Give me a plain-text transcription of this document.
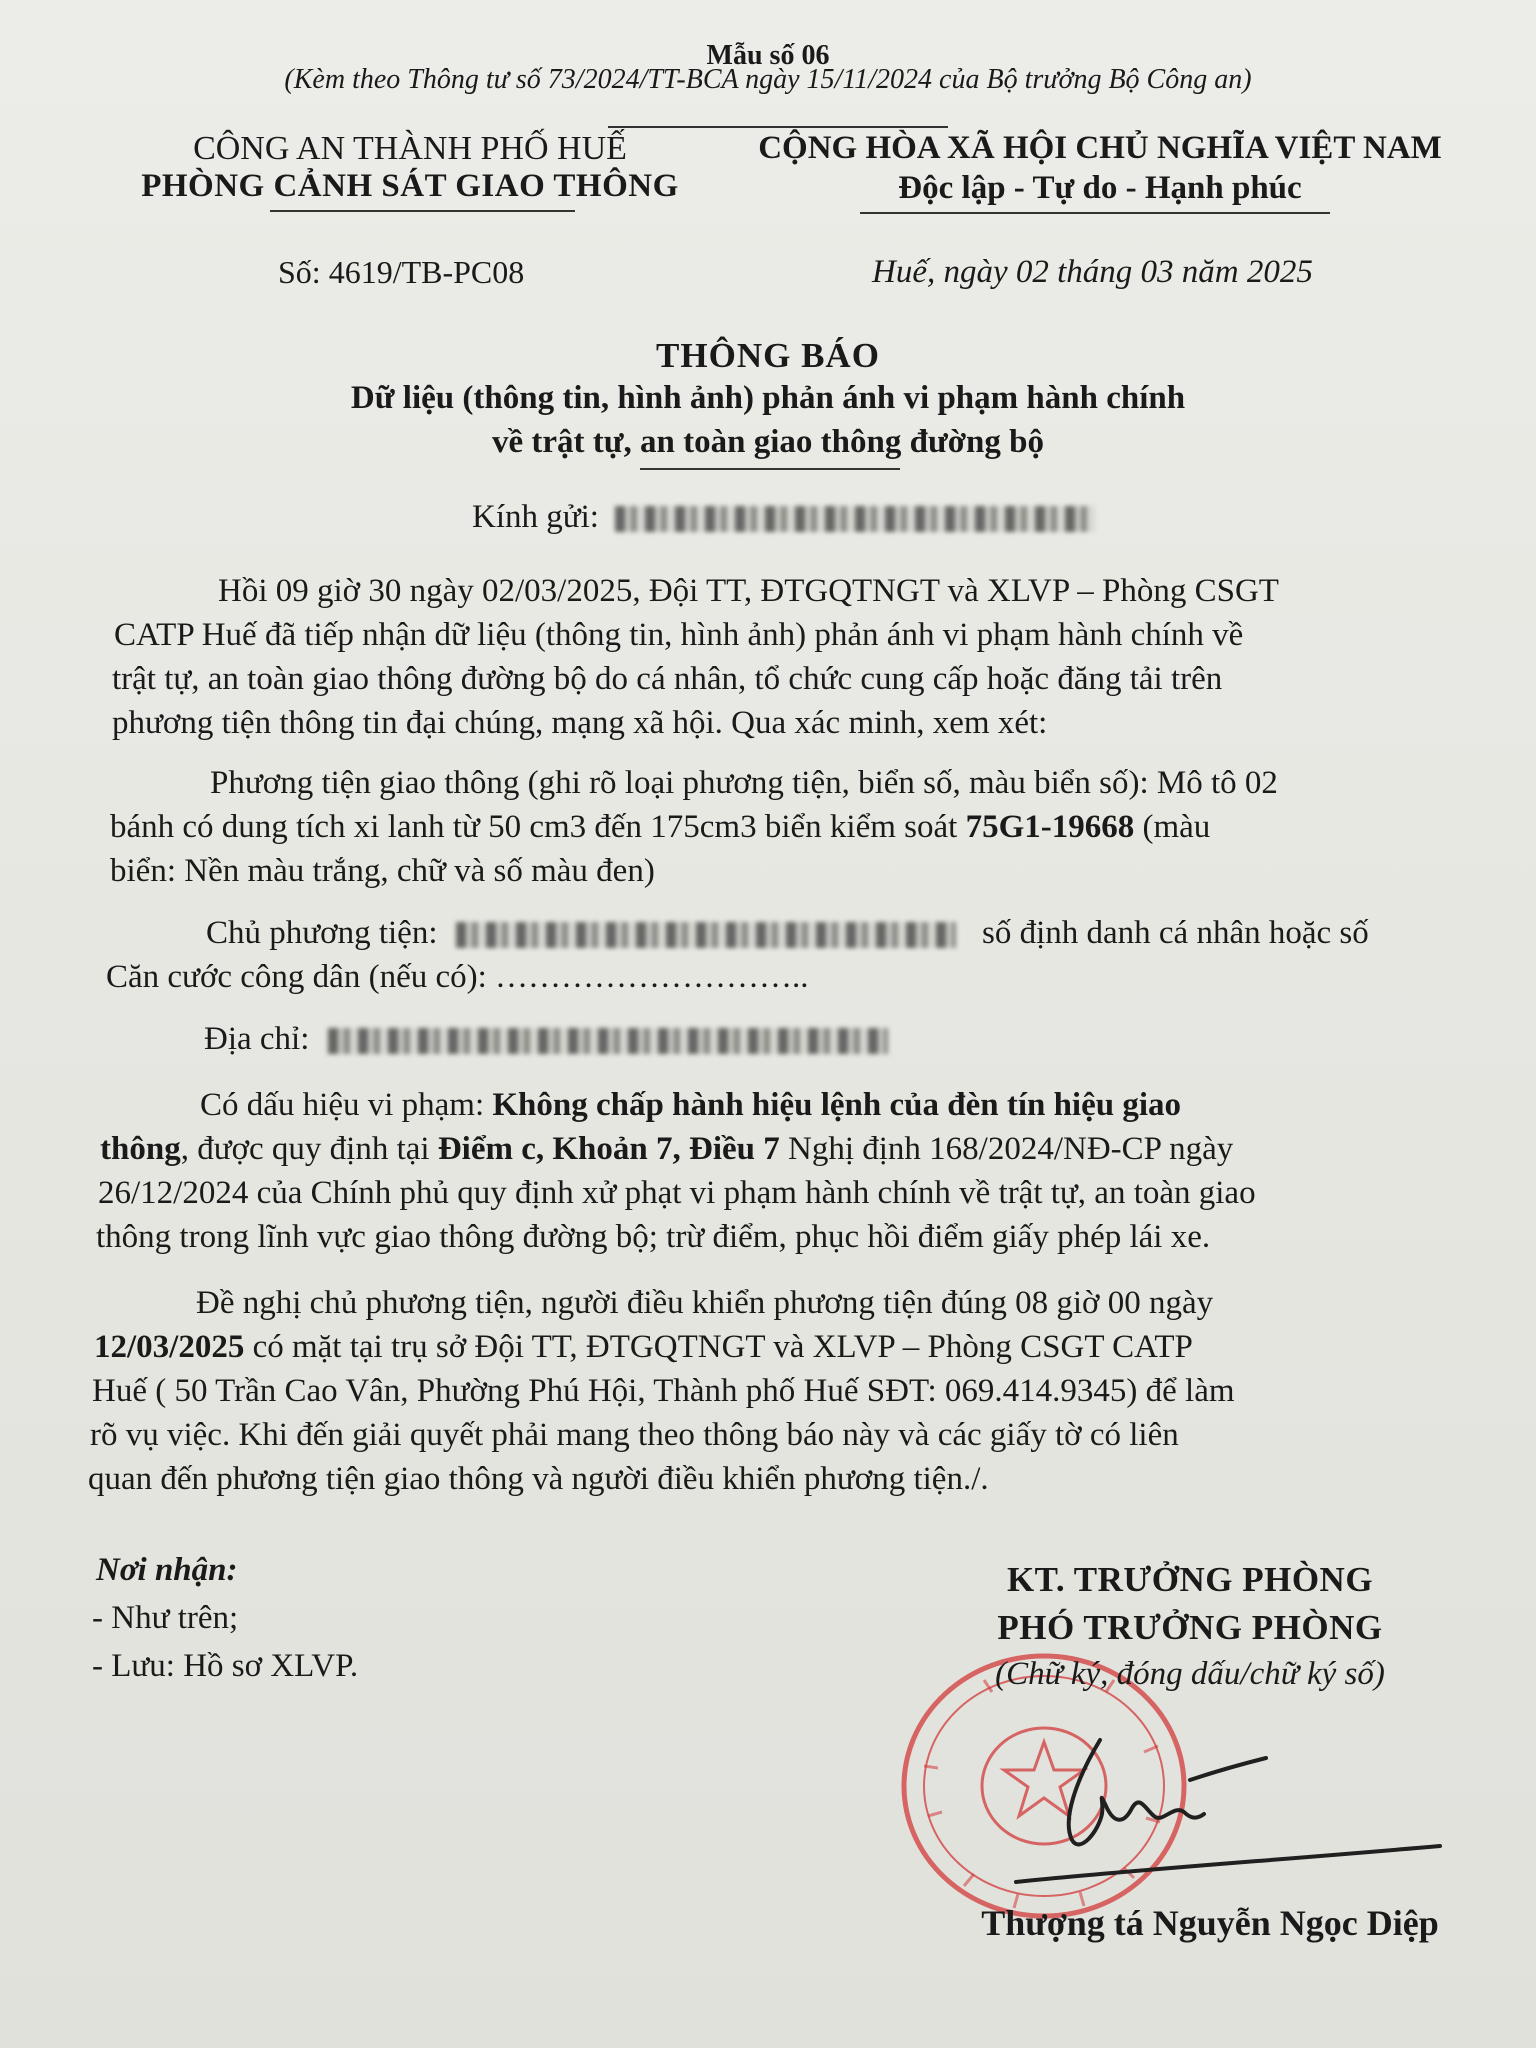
Mẫu số 06
(Kèm theo Thông tư số 73/2024/TT-BCA ngày 15/11/2024 của Bộ trưởng Bộ Công an)
CÔNG AN THÀNH PHỐ HUẾ
PHÒNG CẢNH SÁT GIAO THÔNG
CỘNG HÒA XÃ HỘI CHỦ NGHĨA VIỆT NAM
Độc lập - Tự do - Hạnh phúc
Số: 4619/TB-PC08	Huế, ngày 02 tháng 03 năm 2025
THÔNG BÁO
Dữ liệu (thông tin, hình ảnh) phản ánh vi phạm hành chính
về trật tự, an toàn giao thông đường bộ
Kính gửi:
Hồi 09 giờ 30 ngày 02/03/2025, Đội TT, ĐTGQTNGT và XLVP – Phòng CSGT
CATP Huế đã tiếp nhận dữ liệu (thông tin, hình ảnh) phản ánh vi phạm hành chính về
trật tự, an toàn giao thông đường bộ do cá nhân, tổ chức cung cấp hoặc đăng tải trên
phương tiện thông tin đại chúng, mạng xã hội. Qua xác minh, xem xét:
Phương tiện giao thông (ghi rõ loại phương tiện, biển số, màu biển số): Mô tô 02
bánh có dung tích xi lanh từ 50 cm3 đến 175cm3 biển kiểm soát 75G1-19668 (màu
biển: Nền màu trắng, chữ và số màu đen)
Chủ phương tiện:	số định danh cá nhân hoặc số
Căn cước công dân (nếu có): ………………………..
Địa chỉ:
Có dấu hiệu vi phạm: Không chấp hành hiệu lệnh của đèn tín hiệu giao
thông, được quy định tại Điểm c, Khoản 7, Điều 7 Nghị định 168/2024/NĐ-CP ngày
26/12/2024 của Chính phủ quy định xử phạt vi phạm hành chính về trật tự, an toàn giao
thông trong lĩnh vực giao thông đường bộ; trừ điểm, phục hồi điểm giấy phép lái xe.
Đề nghị chủ phương tiện, người điều khiển phương tiện đúng 08 giờ 00 ngày
12/03/2025 có mặt tại trụ sở Đội TT, ĐTGQTNGT và XLVP – Phòng CSGT CATP
Huế ( 50 Trần Cao Vân, Phường Phú Hội, Thành phố Huế SĐT: 069.414.9345) để làm
rõ vụ việc. Khi đến giải quyết phải mang theo thông báo này và các giấy tờ có liên
quan đến phương tiện giao thông và người điều khiển phương tiện./.
Nơi nhận:
- Như trên;
- Lưu: Hồ sơ XLVP.
KT. TRƯỞNG PHÒNG
PHÓ TRƯỞNG PHÒNG
(Chữ ký, đóng dấu/chữ ký số)
Thượng tá Nguyễn Ngọc Diệp
